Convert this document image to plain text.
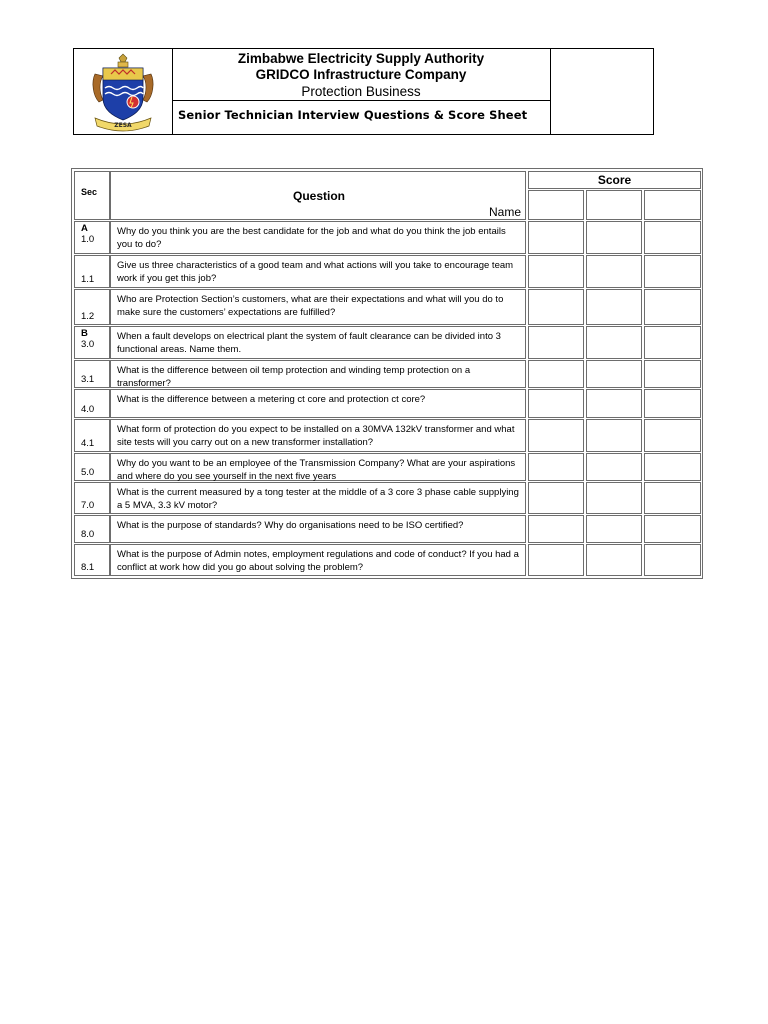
ZESA
Zimbabwe Electricity Supply Authority
GRIDCO Infrastructure Company
Protection Business
Senior Technician Interview Questions & Score Sheet
Sec	Question
Name
Score
A
1.0
Why do you think you are the best candidate for the job and what do you think the job entails you to do?
1.1
Give us three characteristics of a good team and what actions will you take to encourage team work if you get this job?
1.2
Who are Protection Section’s customers, what are their expectations and what will you do to make sure the customers’ expectations are fulfilled?
B
3.0
When a fault develops on electrical plant the system of fault clearance can be divided into 3 functional areas. Name them.
3.1
What is the difference between oil temp protection and winding temp protection on a transformer?
4.0
What is the difference between a metering ct core and protection ct core?
4.1
What form of protection do you expect to be installed on a 30MVA 132kV transformer and what site tests will you carry out on a new transformer installation?
5.0
Why do you want to be an employee of the Transmission Company? What are your aspirations and where do you see yourself in the next five years
7.0
What is the current measured by a tong tester at the middle of a 3 core 3 phase cable supplying a 5 MVA, 3.3 kV motor?
8.0
What is the purpose of standards? Why do organisations need to be ISO certified?
8.1
What is the purpose of Admin notes, employment regulations and code of conduct? If you had a conflict at work how did you go about solving the problem?
